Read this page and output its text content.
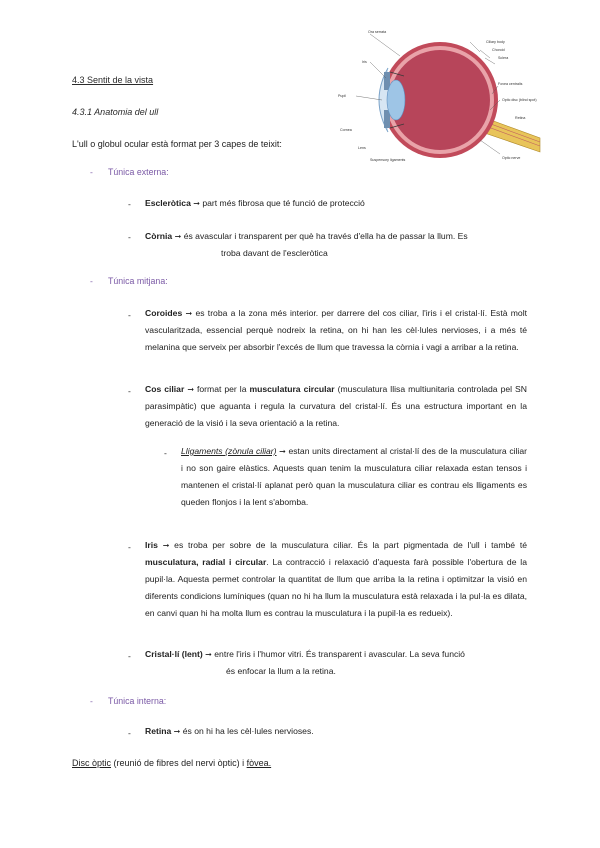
Ora serrata
Iris
Pupil
Cornea
Lens
Suspensory ligaments
Ciliary body
Choroid
Sclera
Fovea centralis
Optic disc (blind spot)
Retina
Optic nerve
4.3 Sentit de la vista
4.3.1 Anatomia del ull
L'ull o globul ocular està format per 3 capes de teixit:
- Túnica externa:
- Escleròtica ➞ part més fibrosa que té funció de protecció
- Còrnia ➞ és avascular i transparent per què ha través d'ella ha de passar la llum. Es
troba davant de l'escleròtica
- Túnica mitjana:
- Coroides ➞ es troba a la zona més interior. per darrere del cos ciliar, l'iris i el cristal·lí. Està molt vascularitzada, essencial perquè nodreix la retina, on hi han les cèl·lules nervioses, i a més té melanina que serveix per absorbir l'excés de llum que travessa la còrnia i vagi a arribar a la retina.
- Cos ciliar ➞ format per la musculatura circular (musculatura llisa multiunitaria controlada pel SN parasimpàtic) que aguanta i regula la curvatura del cristal·lí. És una estructura important en la generació de la visió i la seva orientació a la retina.
- Lligaments (zònula ciliar) ➞ estan units directament al cristal·lí des de la musculatura ciliar i no son gaire elàstics. Aquests quan tenim la musculatura ciliar relaxada estan tensos i mantenen el cristal·lí aplanat però quan la musculatura ciliar es contrau els lligaments es queden flonjos i la lent s'abomba.
- Iris ➞ es troba per sobre de la musculatura ciliar. És la part pigmentada de l'ull i també té musculatura, radial i circular. La contracció i relaxació d'aquesta farà possible l'obertura de la pupil·la. Aquesta permet controlar la quantitat de llum que arriba la la retina i optimitzar la visió en diferents condicions lumíniques (quan no hi ha llum la musculatura està relaxada i la pul·la es dilata, en canvi quan hi ha molta llum es contrau la musculatura i la pupil·la es redueix).
- Cristal·lí (lent) ➞ entre l'iris i l'humor vitri. És transparent i avascular. La seva funció
és enfocar la llum a la retina.
- Túnica interna:
- Retina ➞ és on hi ha les cèl·lules nervioses.
Disc òptic (reunió de fibres del nervi òptic) i fòvea.
